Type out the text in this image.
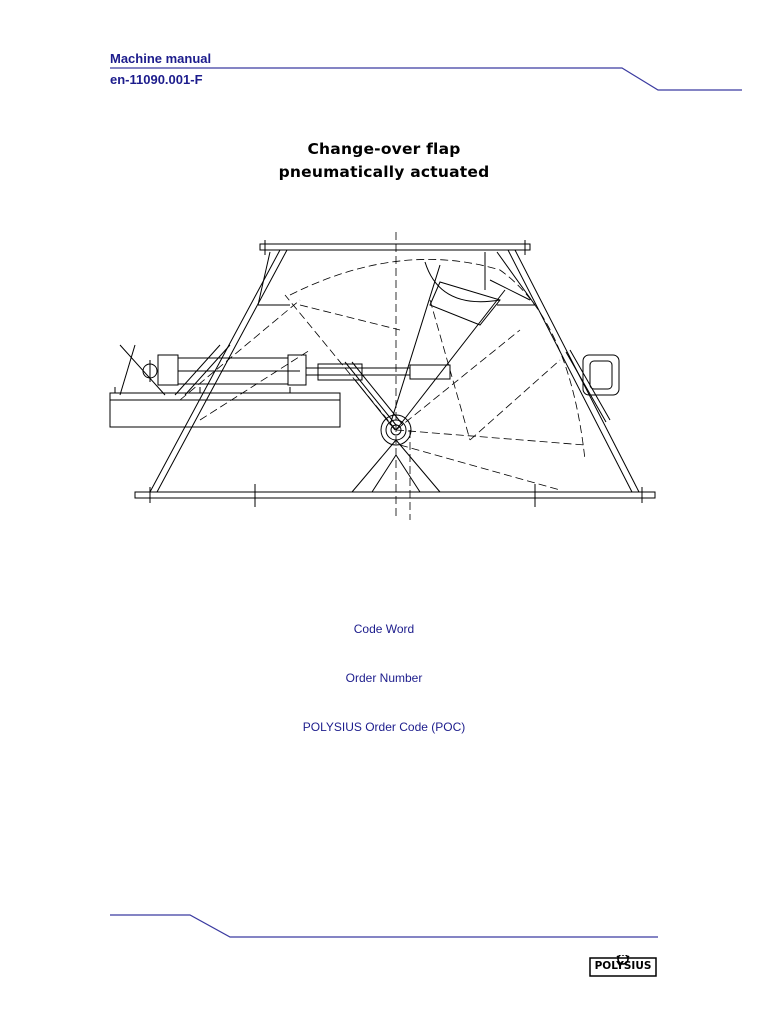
Machine manual
en-11090.001-F
Change-over flap
pneumatically actuated
Code Word
Order Number
POLYSIUS Order Code (POC)
POLYSIUS
